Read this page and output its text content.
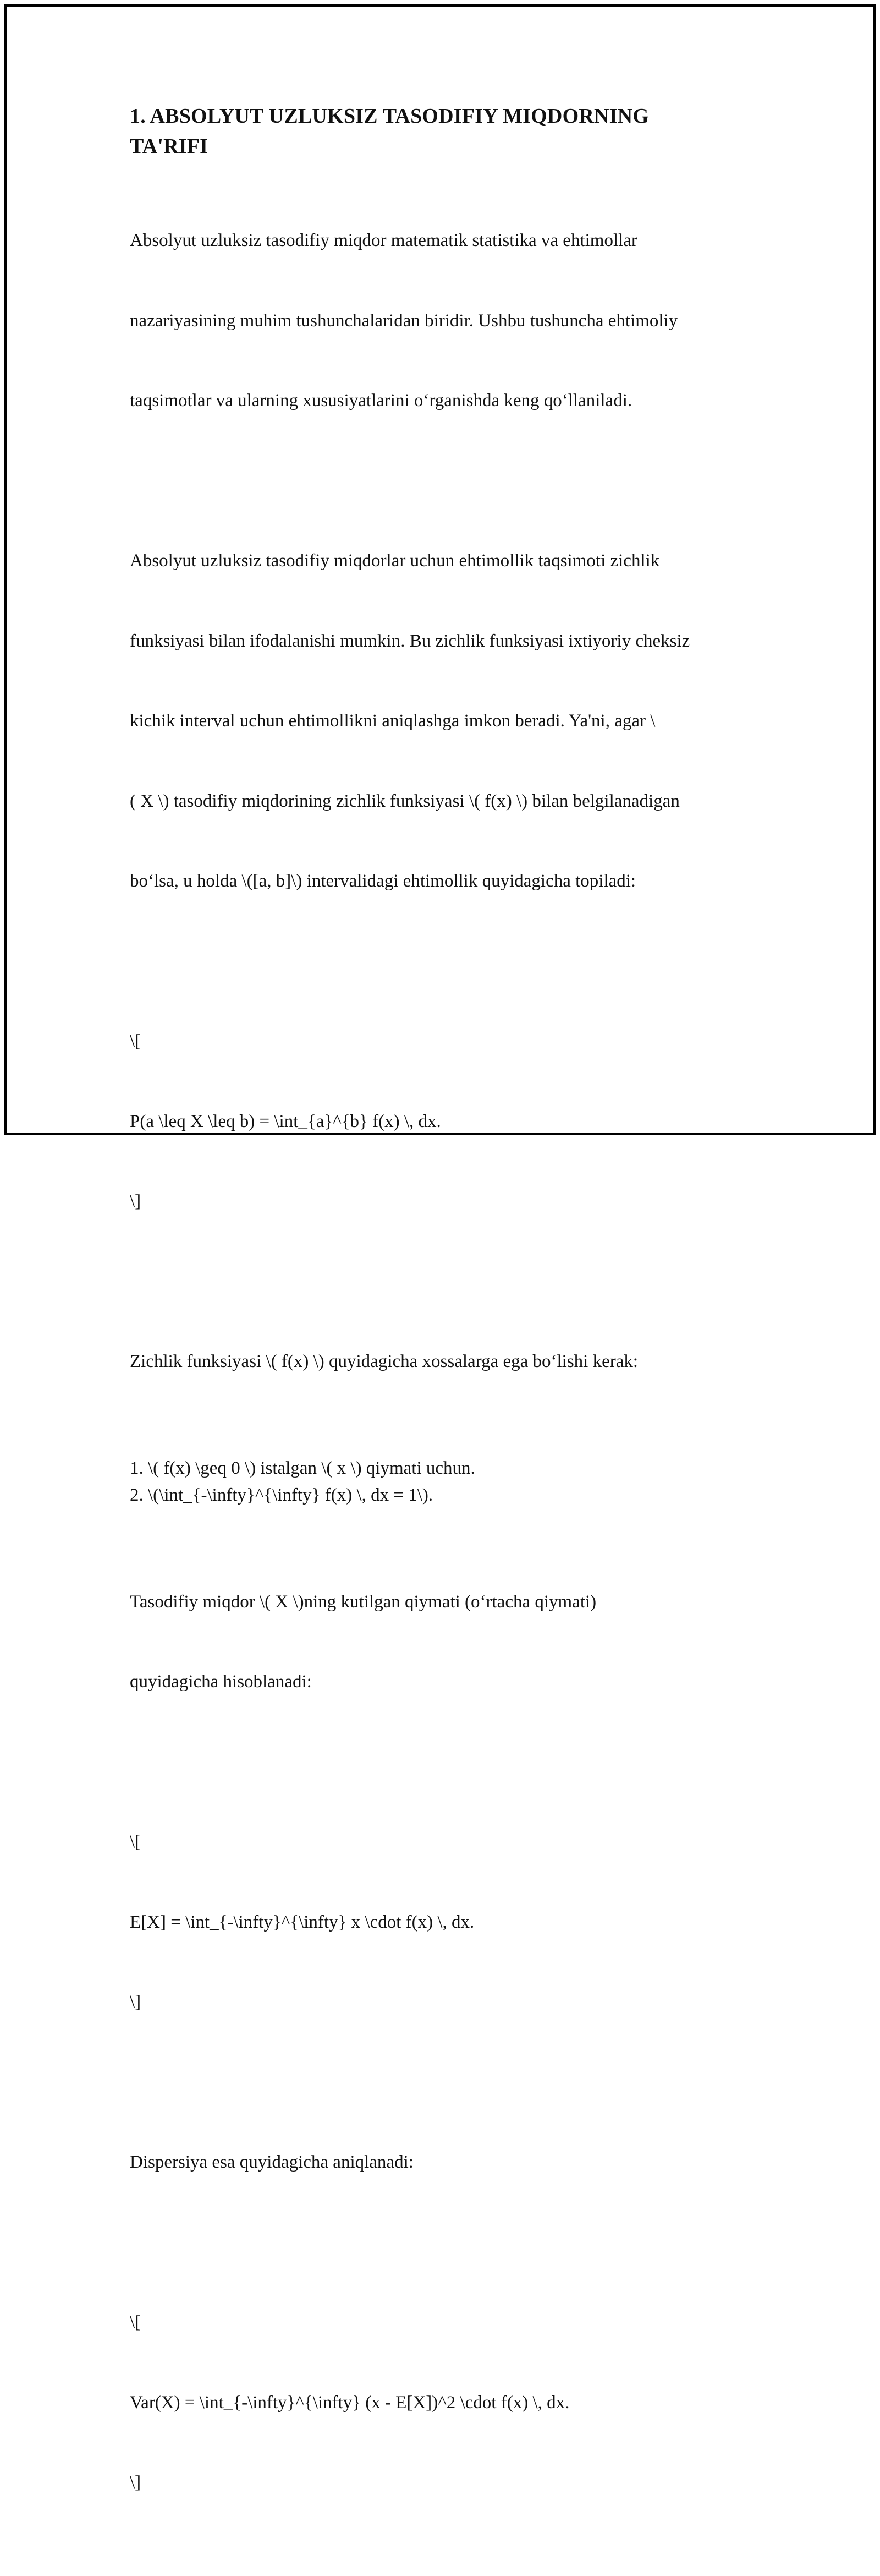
1. ABSOLYUT UZLUKSIZ TASODIFIY MIQDORNING
TA'RIFI

Absolyut uzluksiz tasodifiy miqdor matematik statistika va ehtimollar

nazariyasining muhim tushunchalaridan biridir. Ushbu tushuncha ehtimoliy

taqsimotlar va ularning xususiyatlarini o‘rganishda keng qo‘llaniladi.

Absolyut uzluksiz tasodifiy miqdorlar uchun ehtimollik taqsimoti zichlik

funksiyasi bilan ifodalanishi mumkin. Bu zichlik funksiyasi ixtiyoriy cheksiz

kichik interval uchun ehtimollikni aniqlashga imkon beradi. Ya'ni, agar \

( X \) tasodifiy miqdorining zichlik funksiyasi \( f(x) \) bilan belgilanadigan

bo‘lsa, u holda \([a, b]\) intervalidagi ehtimollik quyidagicha topiladi:

\[

P(a \leq X \leq b) = \int_{a}^{b} f(x) \, dx.

\]

Zichlik funksiyasi \( f(x) \) quyidagicha xossalarga ega bo‘lishi kerak:

1. \( f(x) \geq 0 \) istalgan \( x \) qiymati uchun.
2. \(\int_{-\infty}^{\infty} f(x) \, dx = 1\).

Tasodifiy miqdor \( X \)ning kutilgan qiymati (o‘rtacha qiymati)

quyidagicha hisoblanadi:

\[

E[X] = \int_{-\infty}^{\infty} x \cdot f(x) \, dx.

\]

Dispersiya esa quyidagicha aniqlanadi:

\[

Var(X) = \int_{-\infty}^{\infty} (x - E[X])^2 \cdot f(x) \, dx.

\]
